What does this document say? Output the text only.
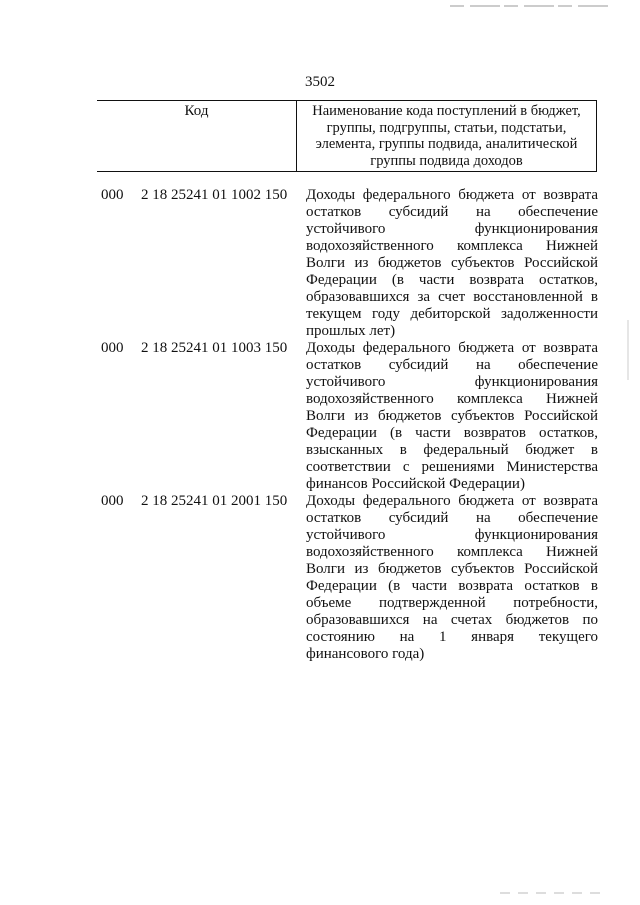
3502
Код	Наименование кода поступлений в бюджет, группы, подгруппы, статьи, подстатьи, элемента, группы подвида, аналитической группы подвида доходов
000	2 18 25241 01 1002 150	Доходы федерального бюджета от возврата остатков субсидий на обеспечение устойчивого функционирования водохозяйственного комплекса Нижней Волги из бюджетов субъектов Российской Федерации (в части возврата остатков, образовавшихся за счет восстановленной в текущем году дебиторской задолженности прошлых лет)
000	2 18 25241 01 1003 150	Доходы федерального бюджета от возврата остатков субсидий на обеспечение устойчивого функционирования водохозяйственного комплекса Нижней Волги из бюджетов субъектов Российской Федерации (в части возвратов остатков, взысканных в федеральный бюджет в соответствии с решениями Министерства финансов Российской Федерации)
000	2 18 25241 01 2001 150	Доходы федерального бюджета от возврата остатков субсидий на обеспечение устойчивого функционирования водохозяйственного комплекса Нижней Волги из бюджетов субъектов Российской Федерации (в части возврата остатков в объеме подтвержденной потребности, образовавшихся на счетах бюджетов по состоянию на 1 января текущего финансового года)
